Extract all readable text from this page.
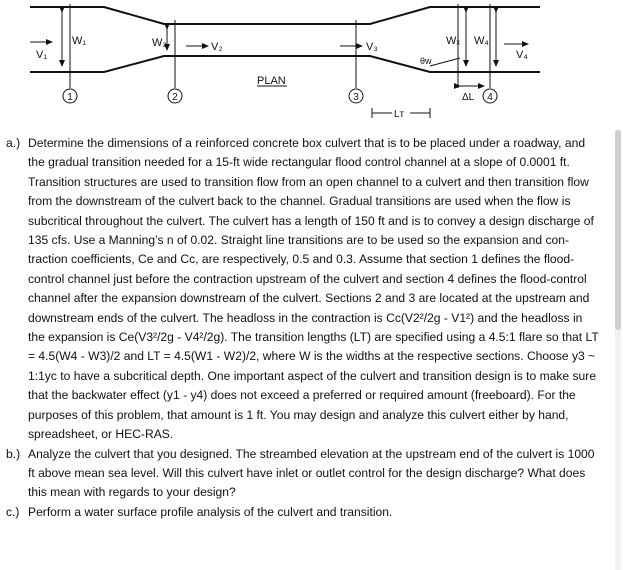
V₁
W₁	W₂	V₂	V₃
θw
Wₓ W₄
V₄
PLAN
1	2	3	4
ΔL
Lт
a.) Determine the dimensions of a reinforced concrete box culvert that is to be placed under a roadway, and the gradual transition needed for a 15-ft wide rectangular flood control channel at a slope of 0.0001 ft. Transition structures are used to transition flow from an open channel to a culvert and then transition flow from the downstream of the culvert back to the channel. Gradual transitions are used when the flow is subcritical throughout the culvert. The culvert has a length of 150 ft and is to convey a design discharge of 135 cfs. Use a Manning’s n of 0.02. Straight line transitions are to be used so the expansion and con-traction coefficients, Ce and Cc, are respectively, 0.5 and 0.3. Assume that section 1 defines the flood-control channel just before the contraction upstream of the culvert and section 4 defines the flood-control channel after the expansion downstream of the culvert. Sections 2 and 3 are located at the upstream and downstream ends of the culvert. The headloss in the contraction is Cc(V2²/2g - V1²) and the headloss in the expansion is Ce(V3²/2g - V4²/2g). The transition lengths (LT) are specified using a 4.5:1 flare so that LT = 4.5(W4 - W3)/2 and LT = 4.5(W1 - W2)/2, where W is the widths at the respective sections. Choose y3 ~ 1:1yc to have a subcritical depth. One important aspect of the culvert and transition design is to make sure that the backwater effect (y1 - y4) does not exceed a preferred or required amount (freeboard). For the purposes of this problem, that amount is 1 ft. You may design and analyze this culvert either by hand, spreadsheet, or HEC-RAS.
b.) Analyze the culvert that you designed. The streambed elevation at the upstream end of the culvert is 1000 ft above mean sea level. Will this culvert have inlet or outlet control for the design discharge? What does this mean with regards to your design?
c.) Perform a water surface profile analysis of the culvert and transition.
